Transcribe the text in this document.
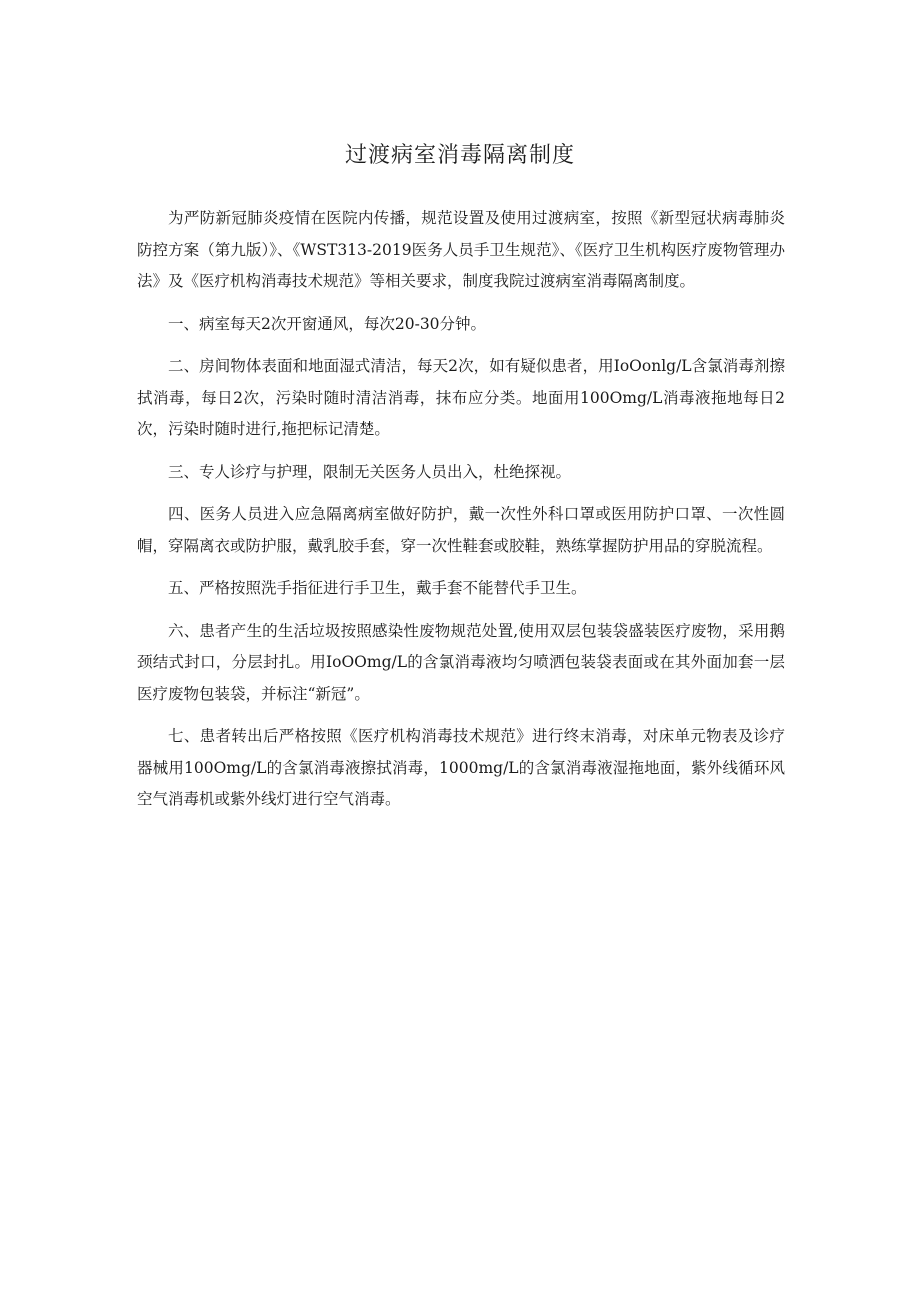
过渡病室消毒隔离制度

为严防新冠肺炎疫情在医院内传播，规范设置及使用过渡病室，按照《新型冠状病毒肺炎防控方案（第九版）》、《WST313-2019医务人员手卫生规范》、《医疗卫生机构医疗废物管理办法》及《医疗机构消毒技术规范》等相关要求，制度我院过渡病室消毒隔离制度。

一、病室每天2次开窗通风，每次20-30分钟。

二、房间物体表面和地面湿式清洁，每天2次，如有疑似患者，用IoOonlg/L含氯消毒剂擦拭消毒，每日2次，污染时随时清洁消毒，抹布应分类。地面用100Omg/L消毒液拖地每日2次，污染时随时进行,拖把标记清楚。

三、专人诊疗与护理，限制无关医务人员出入，杜绝探视。

四、医务人员进入应急隔离病室做好防护，戴一次性外科口罩或医用防护口罩、一次性圆帽，穿隔离衣或防护服，戴乳胶手套，穿一次性鞋套或胶鞋，熟练掌握防护用品的穿脱流程。

五、严格按照洗手指征进行手卫生，戴手套不能替代手卫生。

六、患者产生的生活垃圾按照感染性废物规范处置,使用双层包装袋盛装医疗废物，采用鹅颈结式封口，分层封扎。用IoOOmg/L的含氯消毒液均匀喷洒包装袋表面或在其外面加套一层医疗废物包装袋，并标注“新冠”。

七、患者转出后严格按照《医疗机构消毒技术规范》进行终末消毒，对床单元物表及诊疗器械用100Omg/L的含氯消毒液擦拭消毒，1000mg/L的含氯消毒液湿拖地面，紫外线循环风空气消毒机或紫外线灯进行空气消毒。
